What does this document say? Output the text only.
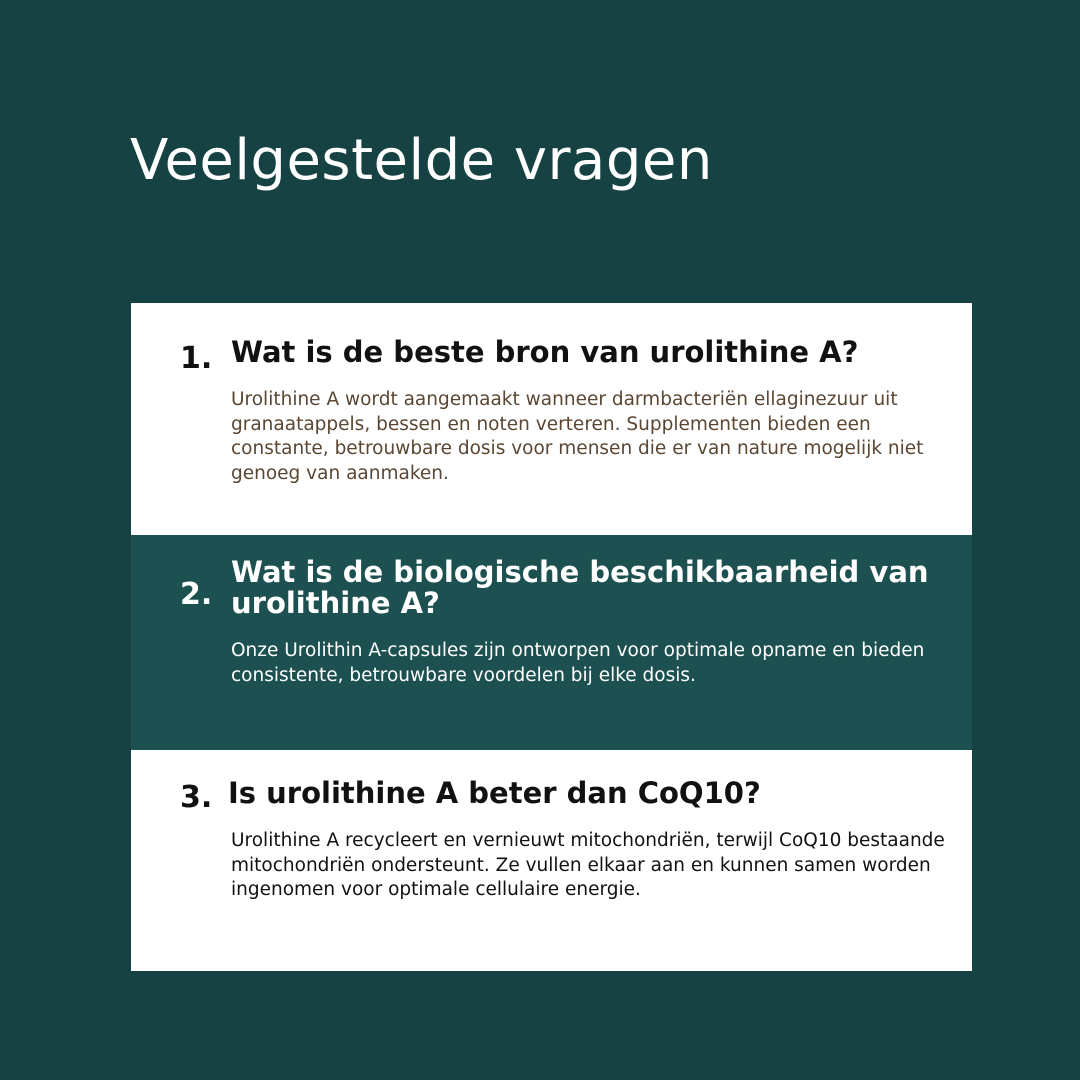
Veelgestelde vragen
1. Wat is de beste bron van urolithine A?

Urolithine A wordt aangemaakt wanneer darmbacteriën ellaginezuur uit granaatappels, bessen en noten verteren. Supplementen bieden een constante, betrouwbare dosis voor mensen die er van nature mogelijk niet genoeg van aanmaken.

2.
Wat is de biologische beschikbaarheid van urolithine A?

Onze Urolithin A-capsules zijn ontworpen voor optimale opname en bieden consistente, betrouwbare voordelen bij elke dosis.

3. Is urolithine A beter dan CoQ10?

Urolithine A recycleert en vernieuwt mitochondriën, terwijl CoQ10 bestaande mitochondriën ondersteunt. Ze vullen elkaar aan en kunnen samen worden ingenomen voor optimale cellulaire energie.
